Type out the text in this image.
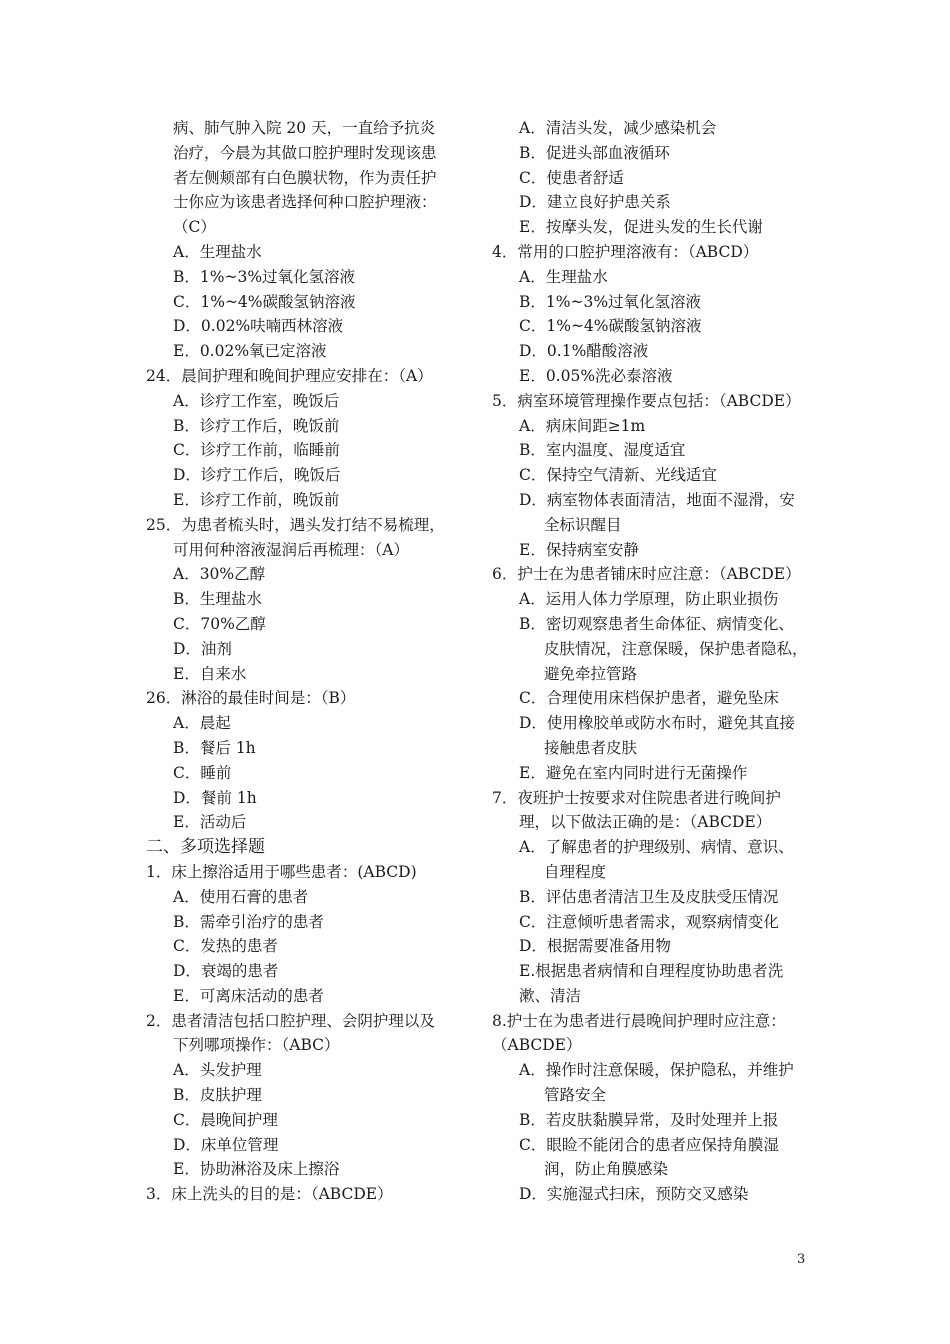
病、肺气肿入院 20 天，一直给予抗炎
治疗，今晨为其做口腔护理时发现该患
者左侧颊部有白色膜状物，作为责任护
士你应为该患者选择何种口腔护理液：
（C）
A．生理盐水
B．1%~3%过氧化氢溶液
C．1%~4%碳酸氢钠溶液
D．0.02%呋喃西林溶液
E．0.02%氧已定溶液
24．晨间护理和晚间护理应安排在：（A）
A．诊疗工作室，晚饭后
B．诊疗工作后，晚饭前
C．诊疗工作前，临睡前
D．诊疗工作后，晚饭后
E．诊疗工作前，晚饭前
25．为患者梳头时，遇头发打结不易梳理，
可用何种溶液湿润后再梳理：（A）
A．30%乙醇
B．生理盐水
C．70%乙醇
D．油剂
E．自来水
26．淋浴的最佳时间是：（B）
A．晨起
B．餐后 1h
C．睡前
D．餐前 1h
E．活动后
二、多项选择题
1．床上擦浴适用于哪些患者：(ABCD)
A．使用石膏的患者
B．需牵引治疗的患者
C．发热的患者
D．衰竭的患者
E．可离床活动的患者
2．患者清洁包括口腔护理、会阴护理以及
下列哪项操作：（ABC）
A．头发护理
B．皮肤护理
C．晨晚间护理
D．床单位管理
E．协助淋浴及床上擦浴
3．床上洗头的目的是：（ABCDE）
A．清洁头发，减少感染机会
B．促进头部血液循环
C．使患者舒适
D．建立良好护患关系
E．按摩头发，促进头发的生长代谢
4．常用的口腔护理溶液有：（ABCD）
A．生理盐水
B．1%~3%过氧化氢溶液
C．1%~4%碳酸氢钠溶液
D．0.1%醋酸溶液
E．0.05%洗必泰溶液
5．病室环境管理操作要点包括：（ABCDE）
A．病床间距≥1m
B．室内温度、湿度适宜
C．保持空气清新、光线适宜
D．病室物体表面清洁，地面不湿滑，安
全标识醒目
E．保持病室安静
6．护士在为患者铺床时应注意：（ABCDE）
A．运用人体力学原理，防止职业损伤
B．密切观察患者生命体征、病情变化、
皮肤情况，注意保暖，保护患者隐私，
避免牵拉管路
C．合理使用床档保护患者，避免坠床
D．使用橡胶单或防水布时，避免其直接
接触患者皮肤
E．避免在室内同时进行无菌操作
7．夜班护士按要求对住院患者进行晚间护
理，以下做法正确的是：（ABCDE）
A．了解患者的护理级别、病情、意识、
自理程度
B．评估患者清洁卫生及皮肤受压情况
C．注意倾听患者需求，观察病情变化
D．根据需要准备用物
E.根据患者病情和自理程度协助患者洗
漱、清洁
8.护士在为患者进行晨晚间护理时应注意：
（ABCDE）
A．操作时注意保暖，保护隐私，并维护
管路安全
B．若皮肤黏膜异常，及时处理并上报
C．眼睑不能闭合的患者应保持角膜湿
润，防止角膜感染
D．实施湿式扫床，预防交叉感染
3
